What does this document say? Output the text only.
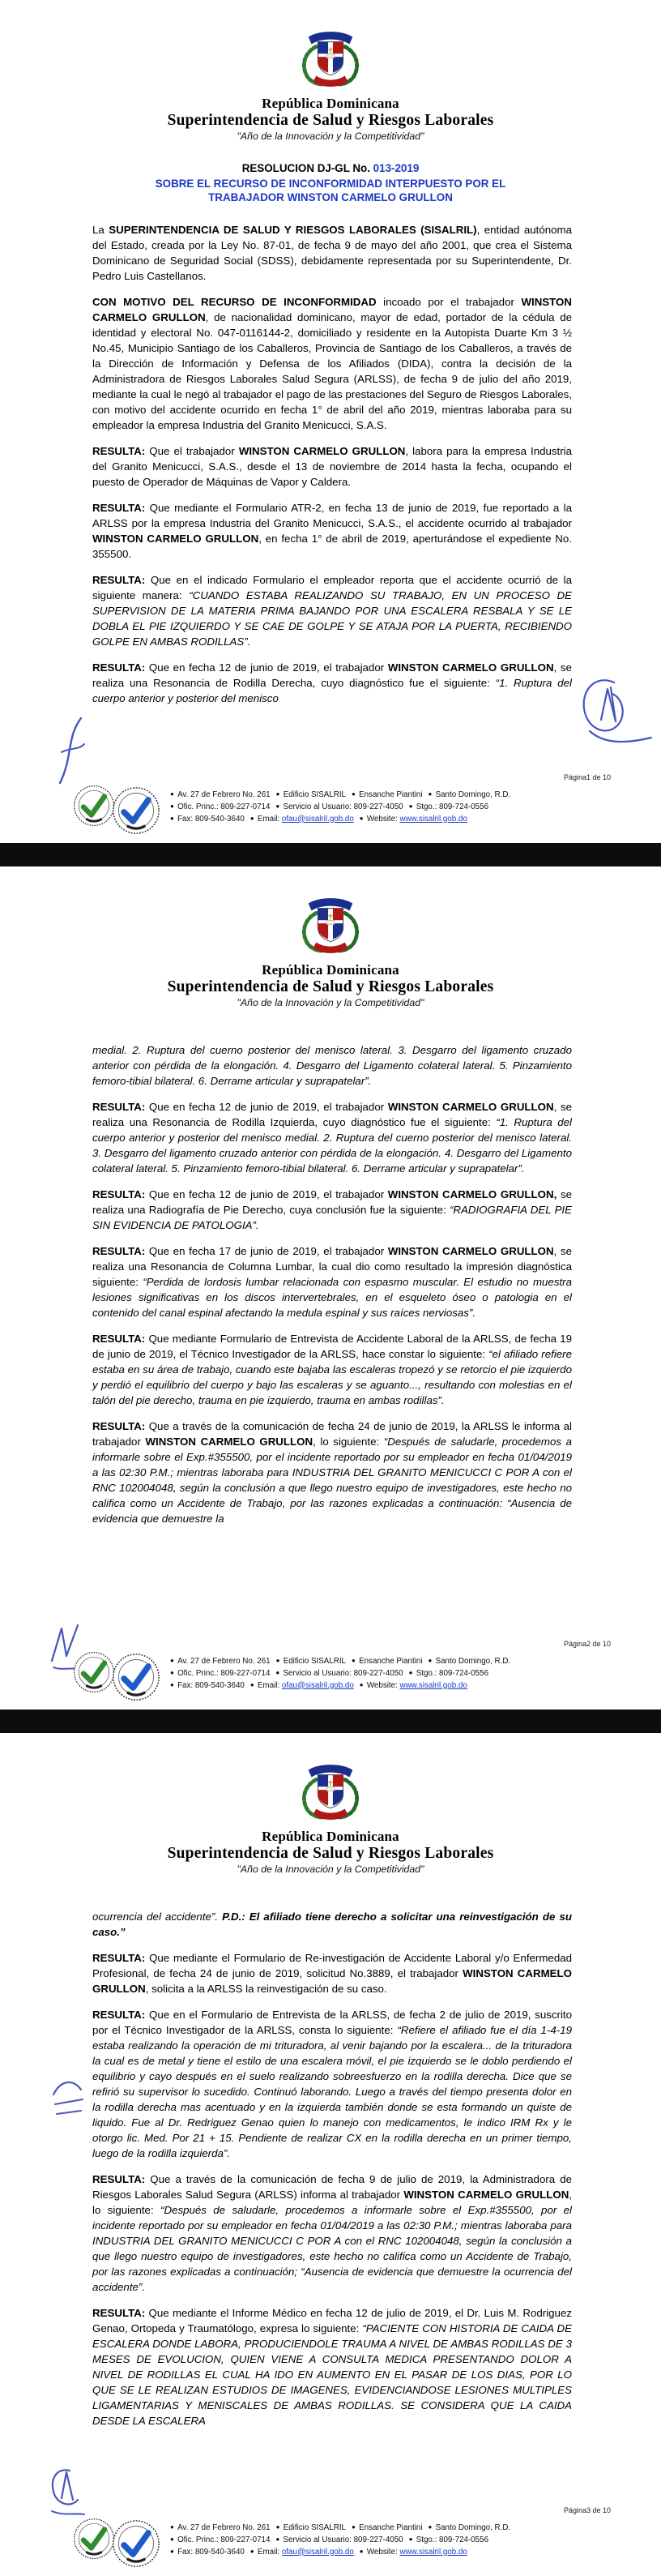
República Dominicana
Superintendencia de Salud y Riesgos Laborales
"Año de la Innovación y la Competitividad"
RESOLUCION DJ-GL No. 013-2019
SOBRE EL RECURSO DE INCONFORMIDAD INTERPUESTO POR EL TRABAJADOR WINSTON CARMELO GRULLON

La SUPERINTENDENCIA DE SALUD Y RIESGOS LABORALES (SISALRIL), entidad autónoma del Estado, creada por la Ley No. 87-01, de fecha 9 de mayo del año 2001, que crea el Sistema Dominicano de Seguridad Social (SDSS), debidamente representada por su Superintendente, Dr. Pedro Luis Castellanos.

CON MOTIVO DEL RECURSO DE INCONFORMIDAD incoado por el trabajador WINSTON CARMELO GRULLON, de nacionalidad dominicano, mayor de edad, portador de la cédula de identidad y electoral No. 047-0116144-2, domiciliado y residente en la Autopista Duarte Km 3 ½ No.45, Municipio Santiago de los Caballeros, Provincia de Santiago de los Caballeros, a través de la Dirección de Información y Defensa de los Afiliados (DIDA), contra la decisión de la Administradora de Riesgos Laborales Salud Segura (ARLSS), de fecha 9 de julio del año 2019, mediante la cual le negó al trabajador el pago de las prestaciones del Seguro de Riesgos Laborales, con motivo del accidente ocurrido en fecha 1° de abril del año 2019, mientras laboraba para su empleador la empresa Industria del Granito Menicucci, S.A.S.

RESULTA: Que el trabajador WINSTON CARMELO GRULLON, labora para la empresa Industria del Granito Menicucci, S.A.S., desde el 13 de noviembre de 2014 hasta la fecha, ocupando el puesto de Operador de Máquinas de Vapor y Caldera.

RESULTA: Que mediante el Formulario ATR-2, en fecha 13 de junio de 2019, fue reportado a la ARLSS por la empresa Industria del Granito Menicucci, S.A.S., el accidente ocurrido al trabajador WINSTON CARMELO GRULLON, en fecha 1° de abril de 2019, aperturándose el expediente No. 355500.

RESULTA: Que en el indicado Formulario el empleador reporta que el accidente ocurrió de la siguiente manera: “CUANDO ESTABA REALIZANDO SU TRABAJO, EN UN PROCESO DE SUPERVISION DE LA MATERIA PRIMA BAJANDO POR UNA ESCALERA RESBALA Y SE LE DOBLA EL PIE IZQUIERDO Y SE CAE DE GOLPE Y SE ATAJA POR LA PUERTA, RECIBIENDO GOLPE EN AMBAS RODILLAS”.

RESULTA: Que en fecha 12 de junio de 2019, el trabajador WINSTON CARMELO GRULLON, se realiza una Resonancia de Rodilla Derecha, cuyo diagnóstico fue el siguiente: “1. Ruptura del cuerpo anterior y posterior del menisco

Página1 de 10
● Av. 27 de Febrero No. 261 ● Edificio SISALRIL ● Ensanche Piantini ● Santo Domingo, R.D.
● Ofic. Princ.: 809-227-0714 ● Servicio al Usuario: 809-227-4050 ● Stgo.: 809-724-0556
● Fax: 809-540-3640 ● Email: ofau@sisalril.gob.do ● Website: www.sisalril.gob.do
República Dominicana
Superintendencia de Salud y Riesgos Laborales
"Año de la Innovación y la Competitividad"

medial. 2. Ruptura del cuerno posterior del menisco lateral. 3. Desgarro del ligamento cruzado anterior con pérdida de la elongación. 4. Desgarro del Ligamento colateral lateral. 5. Pinzamiento femoro-tibial bilateral. 6. Derrame articular y suprapatelar”.

RESULTA: Que en fecha 12 de junio de 2019, el trabajador WINSTON CARMELO GRULLON, se realiza una Resonancia de Rodilla Izquierda, cuyo diagnóstico fue el siguiente: “1. Ruptura del cuerpo anterior y posterior del menisco medial. 2. Ruptura del cuerno posterior del menisco lateral. 3. Desgarro del ligamento cruzado anterior con pérdida de la elongación. 4. Desgarro del Ligamento colateral lateral. 5. Pinzamiento femoro-tibial bilateral. 6. Derrame articular y suprapatelar”.

RESULTA: Que en fecha 12 de junio de 2019, el trabajador WINSTON CARMELO GRULLON, se realiza una Radiografía de Pie Derecho, cuya conclusión fue la siguiente: “RADIOGRAFIA DEL PIE SIN EVIDENCIA DE PATOLOGIA”.

RESULTA: Que en fecha 17 de junio de 2019, el trabajador WINSTON CARMELO GRULLON, se realiza una Resonancia de Columna Lumbar, la cual dio como resultado la impresión diagnóstica siguiente: “Perdida de lordosis lumbar relacionada con espasmo muscular. El estudio no muestra lesiones significativas en los discos intervertebrales, en el esqueleto óseo o patologia en el contenido del canal espinal afectando la medula espinal y sus raíces nerviosas”.

RESULTA: Que mediante Formulario de Entrevista de Accidente Laboral de la ARLSS, de fecha 19 de junio de 2019, el Técnico Investigador de la ARLSS, hace constar lo siguiente: “el afiliado refiere estaba en su área de trabajo, cuando este bajaba las escaleras tropezó y se retorcio el pie izquierdo y perdió el equilibrio del cuerpo y bajo las escaleras y se aguanto..., resultando con molestias en el talón del pie derecho, trauma en pie izquierdo, trauma en ambas rodillas”.

RESULTA: Que a través de la comunicación de fecha 24 de junio de 2019, la ARLSS le informa al trabajador WINSTON CARMELO GRULLON, lo siguiente: “Después de saludarle, procedemos a informarle sobre el Exp.#355500, por el incidente reportado por su empleador en fecha 01/04/2019 a las 02:30 P.M.; mientras laboraba para INDUSTRIA DEL GRANITO MENICUCCI C POR A con el RNC 102004048, según la conclusión a que llego nuestro equipo de investigadores, este hecho no califica como un Accidente de Trabajo, por las razones explicadas a continuación: “Ausencia de evidencia que demuestre la

Página2 de 10
● Av. 27 de Febrero No. 261 ● Edificio SISALRIL ● Ensanche Piantini ● Santo Domingo, R.D.
● Ofic. Princ.: 809-227-0714 ● Servicio al Usuario: 809-227-4050 ● Stgo.: 809-724-0556
● Fax: 809-540-3640 ● Email: ofau@sisalril.gob.do ● Website: www.sisalril.gob.do
República Dominicana
Superintendencia de Salud y Riesgos Laborales
"Año de la Innovación y la Competitividad"

ocurrencia del accidente”. P.D.: El afiliado tiene derecho a solicitar una reinvestigación de su caso.”

RESULTA: Que mediante el Formulario de Re-investigación de Accidente Laboral y/o Enfermedad Profesional, de fecha 24 de junio de 2019, solicitud No.3889, el trabajador WINSTON CARMELO GRULLON, solicita a la ARLSS la reinvestigación de su caso.

RESULTA: Que en el Formulario de Entrevista de la ARLSS, de fecha 2 de julio de 2019, suscrito por el Técnico Investigador de la ARLSS, consta lo siguiente: “Refiere el afiliado fue el día 1-4-19 estaba realizando la operación de mi trituradora, al venir bajando por la escalera... de la trituradora la cual es de metal y tiene el estilo de una escalera móvil, el pie izquierdo se le doblo perdiendo el equilibrio y cayo después en el suelo realizando sobreesfuerzo en la rodilla derecha. Dice que se refirió su supervisor lo sucedido. Continuó laborando. Luego a través del tiempo presenta dolor en la rodilla derecha mas acentuado y en la izquierda también donde se esta formando un quiste de liquido. Fue al Dr. Redriguez Genao quien lo manejo con medicamentos, le indico IRM Rx y le otorgo lic. Med. Por 21 + 15. Pendiente de realizar CX en la rodilla derecha en un primer tiempo, luego de la rodilla izquierda”.

RESULTA: Que a través de la comunicación de fecha 9 de julio de 2019, la Administradora de Riesgos Laborales Salud Segura (ARLSS) informa al trabajador WINSTON CARMELO GRULLON, lo siguiente: “Después de saludarle, procedemos a informarle sobre el Exp.#355500, por el incidente reportado por su empleador en fecha 01/04/2019 a las 02:30 P.M.; mientras laboraba para INDUSTRIA DEL GRANITO MENICUCCI C POR A con el RNC 102004048, según la conclusión a que llego nuestro equipo de investigadores, este hecho no califica como un Accidente de Trabajo, por las razones explicadas a continuación; “Ausencia de evidencia que demuestre la ocurrencia del accidente”.

RESULTA: Que mediante el Informe Médico en fecha 12 de julio de 2019, el Dr. Luis M. Rodriguez Genao, Ortopeda y Traumatólogo, expresa lo siguiente: “PACIENTE CON HISTORIA DE CAIDA DE ESCALERA DONDE LABORA, PRODUCIENDOLE TRAUMA A NIVEL DE AMBAS RODILLAS DE 3 MESES DE EVOLUCION, QUIEN VIENE A CONSULTA MEDICA PRESENTANDO DOLOR A NIVEL DE RODILLAS EL CUAL HA IDO EN AUMENTO EN EL PASAR DE LOS DIAS, POR LO QUE SE LE REALIZAN ESTUDIOS DE IMAGENES, EVIDENCIANDOSE LESIONES MULTIPLES LIGAMENTARIAS Y MENISCALES DE AMBAS RODILLAS. SE CONSIDERA QUE LA CAIDA DESDE LA ESCALERA

Página3 de 10
● Av. 27 de Febrero No. 261 ● Edificio SISALRIL ● Ensanche Piantini ● Santo Domingo, R.D.
● Ofic. Princ.: 809-227-0714 ● Servicio al Usuario: 809-227-4050 ● Stgo.: 809-724-0556
● Fax: 809-540-3640 ● Email: ofau@sisalril.gob.do ● Website: www.sisalril.gob.do
